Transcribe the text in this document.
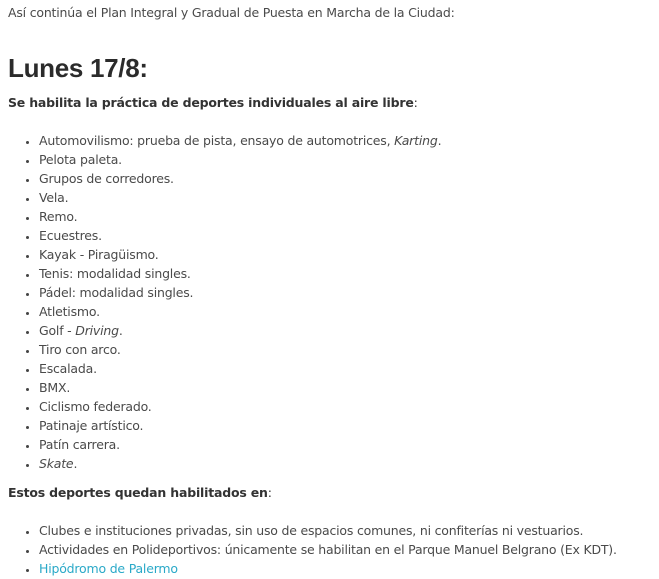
Así continúa el Plan Integral y Gradual de Puesta en Marcha de la Ciudad:

Lunes 17/8:

Se habilita la práctica de deportes individuales al aire libre:

• Automovilismo: prueba de pista, ensayo de automotrices, Karting.
• Pelota paleta.
• Grupos de corredores.
• Vela.
• Remo.
• Ecuestres.
• Kayak - Piragüismo.
• Tenis: modalidad singles.
• Pádel: modalidad singles.
• Atletismo.
• Golf - Driving.
• Tiro con arco.
• Escalada.
• BMX.
• Ciclismo federado.
• Patinaje artístico.
• Patín carrera.
• Skate.

Estos deportes quedan habilitados en:

• Clubes e instituciones privadas, sin uso de espacios comunes, ni confiterías ni vestuarios.
• Actividades en Polideportivos: únicamente se habilitan en el Parque Manuel Belgrano (Ex KDT).
• Hipódromo de Palermo
